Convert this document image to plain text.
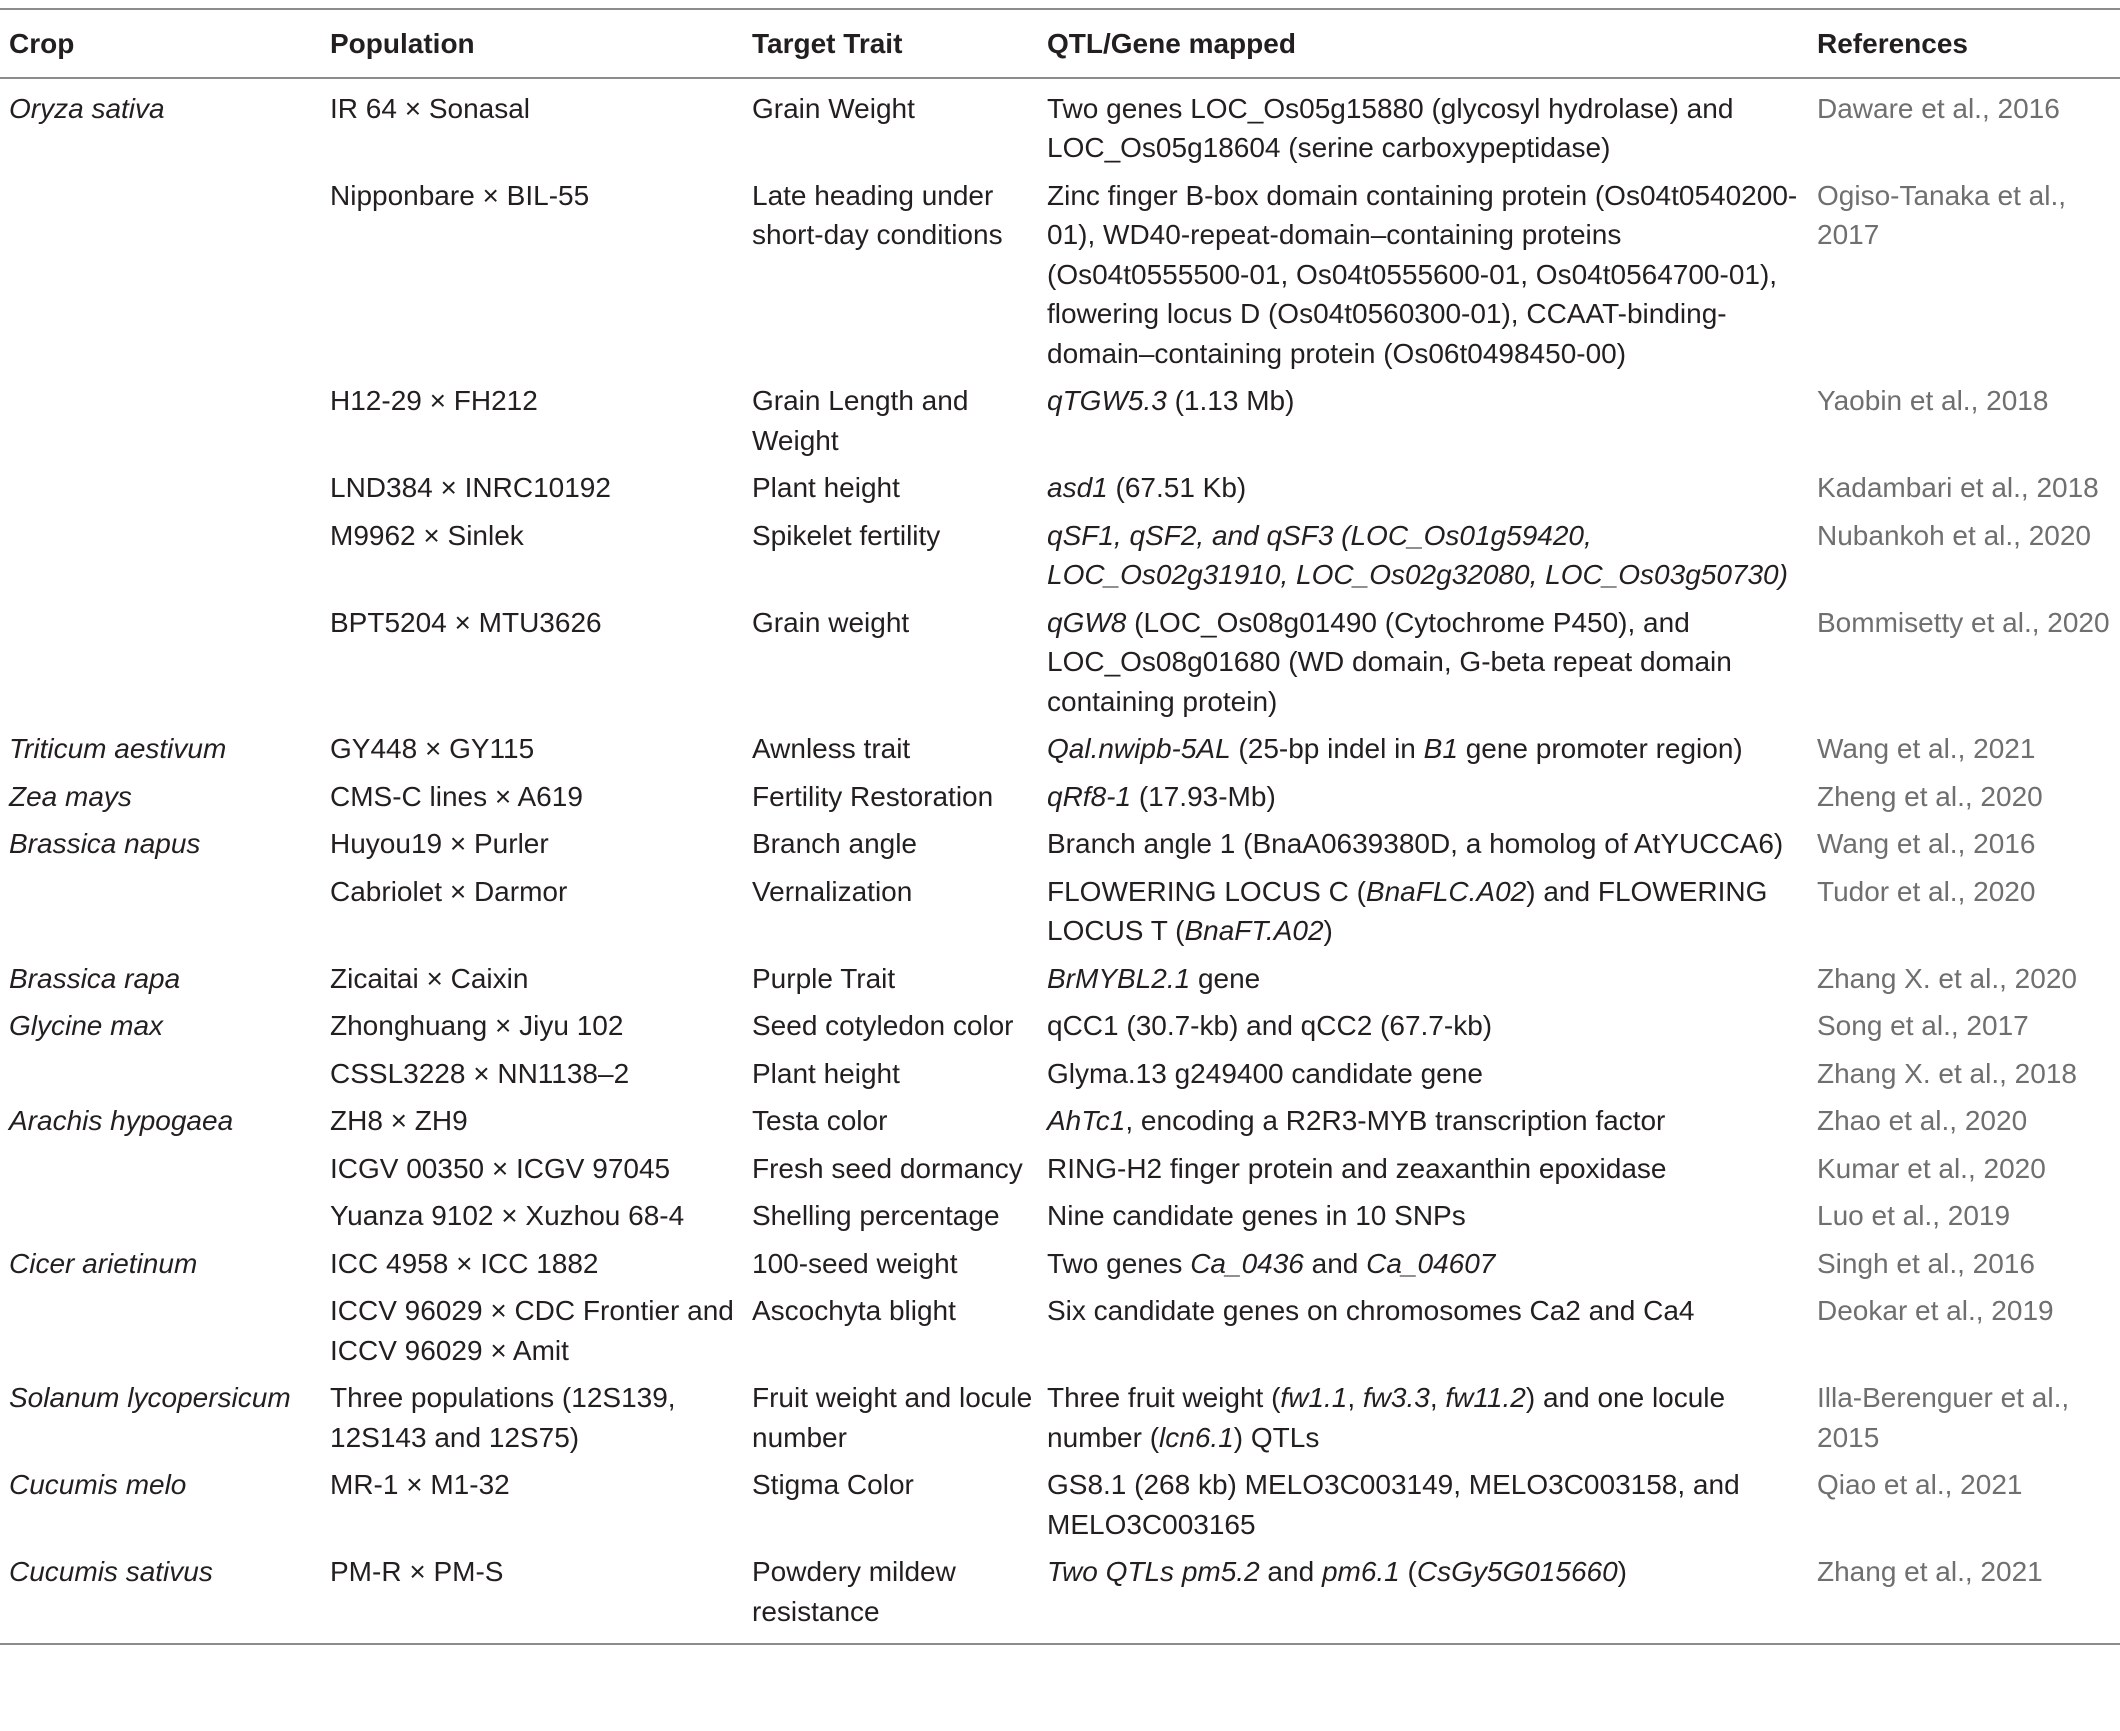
Crop	Population	Target Trait	QTL/Gene mapped	References
Oryza sativa	IR 64 × Sonasal	Grain Weight	Two genes LOC_Os05g15880 (glycosyl hydrolase) and LOC_Os05g18604 (serine carboxypeptidase)	Daware et al., 2016
	Nipponbare × BIL-55	Late heading under short-day conditions	Zinc finger B-box domain containing protein (Os04t0540200-01), WD40-repeat-domain–containing proteins (Os04t0555500-01, Os04t0555600-01, Os04t0564700-01), flowering locus D (Os04t0560300-01), CCAAT-binding-domain–containing protein (Os06t0498450-00)	Ogiso-Tanaka et al., 2017
	H12-29 × FH212	Grain Length and Weight	qTGW5.3 (1.13 Mb)	Yaobin et al., 2018
	LND384 × INRC10192	Plant height	asd1 (67.51 Kb)	Kadambari et al., 2018
	M9962 × Sinlek	Spikelet fertility	qSF1, qSF2, and qSF3 (LOC_Os01g59420, LOC_Os02g31910, LOC_Os02g32080, LOC_Os03g50730)	Nubankoh et al., 2020
	BPT5204 × MTU3626	Grain weight	qGW8 (LOC_Os08g01490 (Cytochrome P450), and LOC_Os08g01680 (WD domain, G-beta repeat domain containing protein)	Bommisetty et al., 2020
Triticum aestivum	GY448 × GY115	Awnless trait	Qal.nwipb-5AL (25-bp indel in B1 gene promoter region)	Wang et al., 2021
Zea mays	CMS-C lines × A619	Fertility Restoration	qRf8-1 (17.93-Mb)	Zheng et al., 2020
Brassica napus	Huyou19 × Purler	Branch angle	Branch angle 1 (BnaA0639380D, a homolog of AtYUCCA6)	Wang et al., 2016
	Cabriolet × Darmor	Vernalization	FLOWERING LOCUS C (BnaFLC.A02) and FLOWERING LOCUS T (BnaFT.A02)	Tudor et al., 2020
Brassica rapa	Zicaitai × Caixin	Purple Trait	BrMYBL2.1 gene	Zhang X. et al., 2020
Glycine max	Zhonghuang × Jiyu 102	Seed cotyledon color	qCC1 (30.7-kb) and qCC2 (67.7-kb)	Song et al., 2017
	CSSL3228 × NN1138–2	Plant height	Glyma.13 g249400 candidate gene	Zhang X. et al., 2018
Arachis hypogaea	ZH8 × ZH9	Testa color	AhTc1, encoding a R2R3-MYB transcription factor	Zhao et al., 2020
	ICGV 00350 × ICGV 97045	Fresh seed dormancy	RING-H2 finger protein and zeaxanthin epoxidase	Kumar et al., 2020
	Yuanza 9102 × Xuzhou 68-4	Shelling percentage	Nine candidate genes in 10 SNPs	Luo et al., 2019
Cicer arietinum	ICC 4958 × ICC 1882	100-seed weight	Two genes Ca_0436 and Ca_04607	Singh et al., 2016
	ICCV 96029 × CDC Frontier and ICCV 96029 × Amit	Ascochyta blight	Six candidate genes on chromosomes Ca2 and Ca4	Deokar et al., 2019
Solanum lycopersicum	Three populations (12S139, 12S143 and 12S75)	Fruit weight and locule number	Three fruit weight (fw1.1, fw3.3, fw11.2) and one locule number (lcn6.1) QTLs	Illa-Berenguer et al., 2015
Cucumis melo	MR-1 × M1-32	Stigma Color	GS8.1 (268 kb) MELO3C003149, MELO3C003158, and MELO3C003165	Qiao et al., 2021
Cucumis sativus	PM-R × PM-S	Powdery mildew resistance	Two QTLs pm5.2 and pm6.1 (CsGy5G015660)	Zhang et al., 2021
